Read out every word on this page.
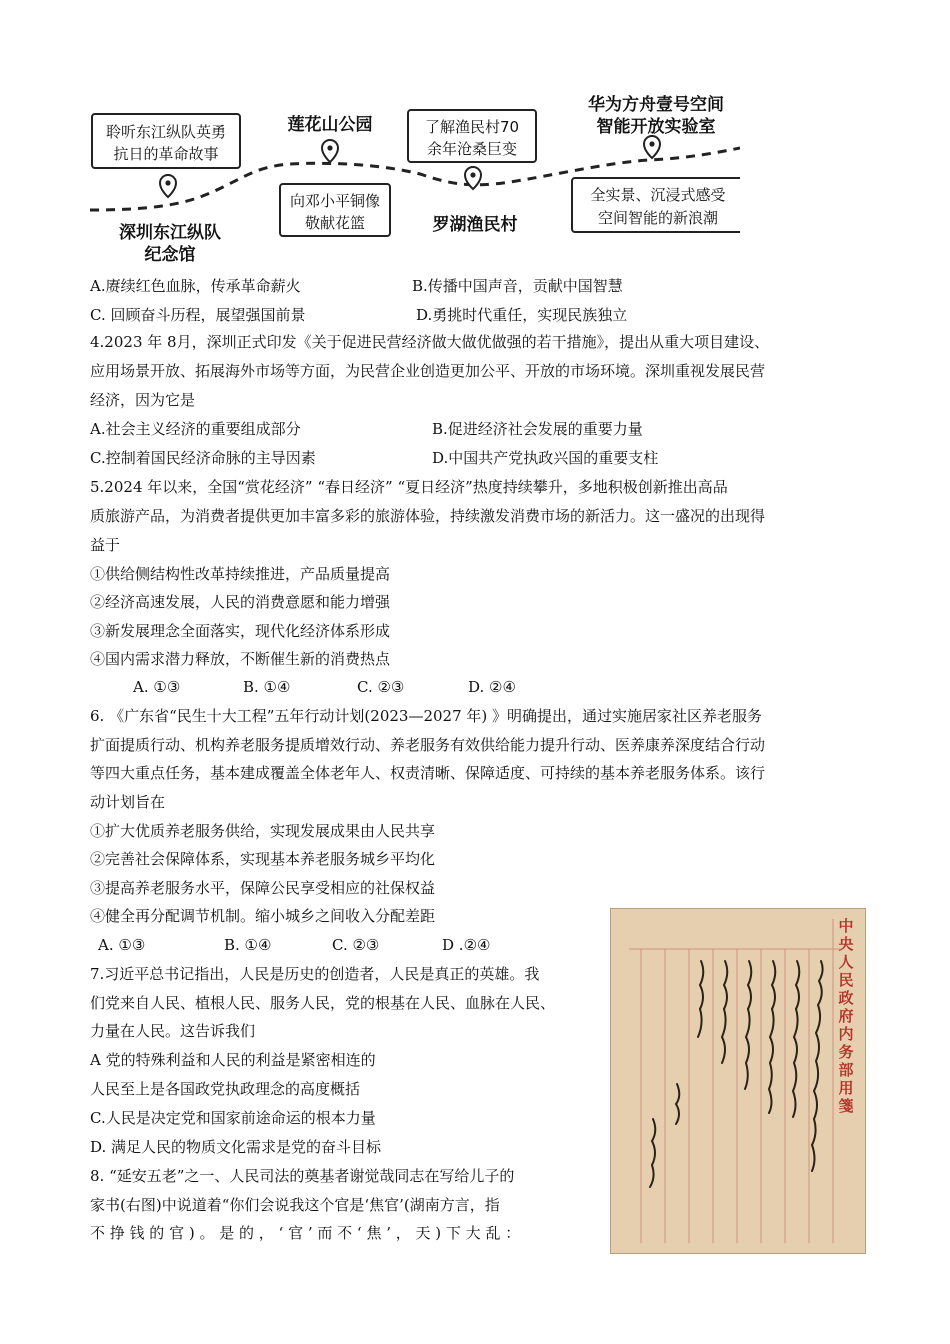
聆听东江纵队英勇
抗日的革命故事
向邓小平铜像
敬献花篮
了解渔民村70
余年沧桑巨变
全实景、沉浸式感受
空间智能的新浪潮
深圳东江纵队
纪念馆
莲花山公园
罗湖渔民村
华为方舟壹号空间
智能开放实验室
A.赓续红色血脉，传承革命薪火	B.传播中国声音，贡献中国智慧
C. 回顾奋斗历程，展望强国前景	D.勇挑时代重任，实现民族独立
4.2023 年 8月，深圳正式印发《关于促进民营经济做大做优做强的若干措施》，提出从重大项目建设、
应用场景开放、拓展海外市场等方面，为民营企业创造更加公平、开放的市场环境。深圳重视发展民营
经济，因为它是
A.社会主义经济的重要组成部分	B.促进经济社会发展的重要力量
C.控制着国民经济命脉的主导因素	D.中国共产党执政兴国的重要支柱
5.2024 年以来，全国“赏花经济” “春日经济” “夏日经济”热度持续攀升，多地积极创新推出高品
质旅游产品，为消费者提供更加丰富多彩的旅游体验，持续激发消费市场的新活力。这一盛况的出现得
益于
①供给侧结构性改革持续推进，产品质量提高
②经济高速发展，人民的消费意愿和能力增强
③新发展理念全面落实，现代化经济体系形成
④国内需求潜力释放，不断催生新的消费热点
A. ①③	B. ①④	C. ②③	D. ②④
6. 《广东省“民生十大工程”五年行动计划(2023—2027 年) 》明确提出，通过实施居家社区养老服务
扩面提质行动、机构养老服务提质增效行动、养老服务有效供给能力提升行动、医养康养深度结合行动
等四大重点任务，基本建成覆盖全体老年人、权责清晰、保障适度、可持续的基本养老服务体系。该行
动计划旨在
①扩大优质养老服务供给，实现发展成果由人民共享
②完善社会保障体系，实现基本养老服务城乡平均化
③提高养老服务水平，保障公民享受相应的社保权益
④健全再分配调节机制。缩小城乡之间收入分配差距
A. ①③	B. ①④	C. ②③	D .②④
7.习近平总书记指出，人民是历史的创造者，人民是真正的英雄。我
们党来自人民、植根人民、服务人民，党的根基在人民、血脉在人民、
力量在人民。这告诉我们
A 党的特殊利益和人民的利益是紧密相连的
人民至上是各国政党执政理念的高度概括
C.人民是决定党和国家前途命运的根本力量
D. 满足人民的物质文化需求是党的奋斗目标
8. “延安五老”之一、人民司法的奠基者谢觉哉同志在写给儿子的
家书(右图)中说道着“你们会说我这个官是‘焦官’(湖南方言，指
不 挣 钱 的 官 ) 。 是 的 ， ‘ 官 ’ 而 不 ‘ 焦 ’ ， 天 ) 下 大 乱 ：
中央人民政府内务部用箋
